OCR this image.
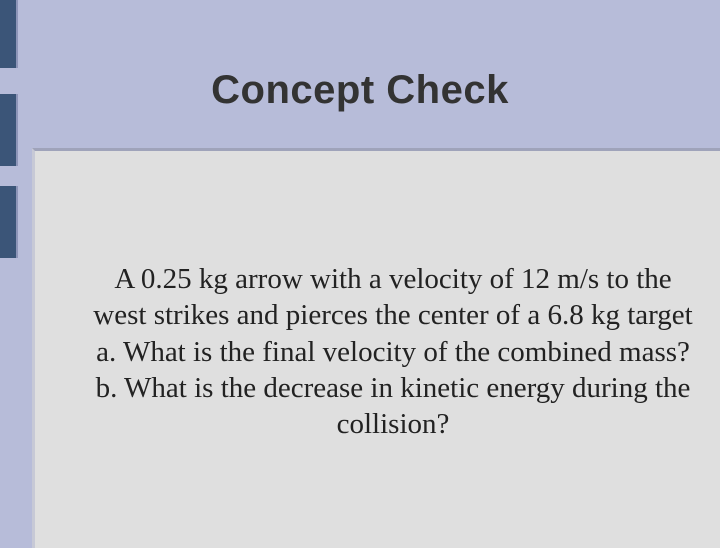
Concept Check
A 0.25 kg arrow with a velocity of 12 m/s to the
west strikes and pierces the center of a 6.8 kg target
a. What is the final velocity of the combined mass?
b. What is the decrease in kinetic energy during the
collision?
